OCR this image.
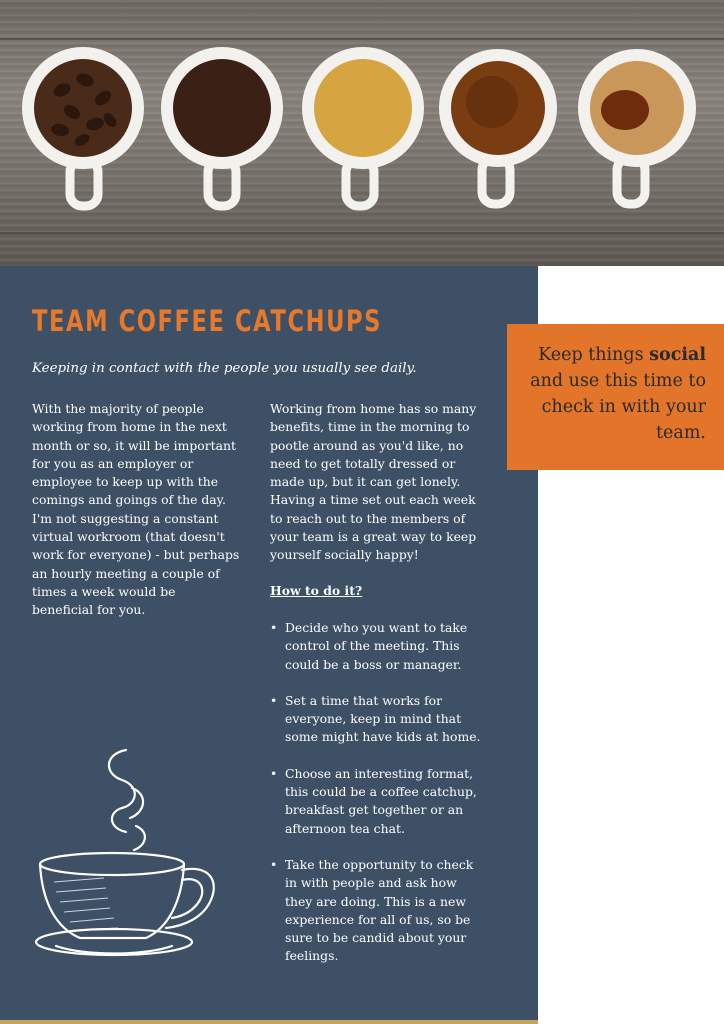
TEAM COFFEE CATCHUPS
Keeping in contact with the people you usually see daily.
With the majority of people working from home in the next month or so, it will be important for you as an employer or employee to keep up with the comings and goings of the day. I'm not suggesting a constant virtual workroom (that doesn't work for everyone) - but perhaps an hourly meeting a couple of times a week would be beneficial for you.
Working from home has so many benefits, time in the morning to pootle around as you'd like, no need to get totally dressed or made up, but it can get lonely. Having a time set out each week to reach out to the members of your team is a great way to keep yourself socially happy!
How to do it?
• Decide who you want to take control of the meeting. This could be a boss or manager.
• Set a time that works for everyone, keep in mind that some might have kids at home.
• Choose an interesting format, this could be a coffee catchup, breakfast get together or an afternoon tea chat.
• Take the opportunity to check in with people and ask how they are doing. This is a new experience for all of us, so be sure to be candid about your feelings.
Keep things social and use this time to check in with your team.
